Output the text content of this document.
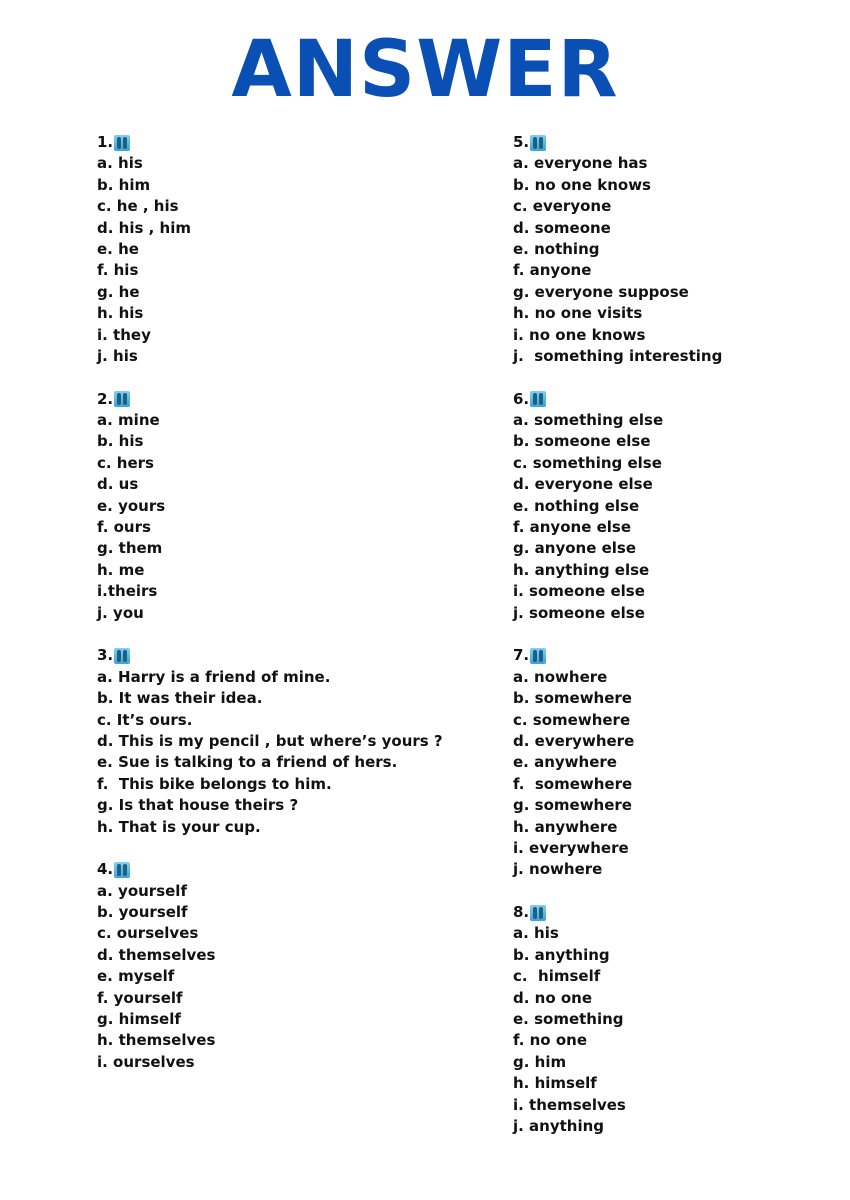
ANSWER
1.
a. his
b. him
c. he , his
d. his , him
e. he
f. his
g. he
h. his
i. they
j. his
2.
a. mine
b. his
c. hers
d. us
e. yours
f. ours
g. them
h. me
i.theirs
j. you
3.
a. Harry is a friend of mine.
b. It was their idea.
c. It’s ours.
d. This is my pencil , but where’s yours ?
e. Sue is talking to a friend of hers.
f.  This bike belongs to him.
g. Is that house theirs ?
h. That is your cup.
4.
a. yourself
b. yourself
c. ourselves
d. themselves
e. myself
f. yourself
g. himself
h. themselves
i. ourselves
5.
a. everyone has
b. no one knows
c. everyone
d. someone
e. nothing
f. anyone
g. everyone suppose
h. no one visits
i. no one knows
j.  something interesting
6.
a. something else
b. someone else
c. something else
d. everyone else
e. nothing else
f. anyone else
g. anyone else
h. anything else
i. someone else
j. someone else
7.
a. nowhere
b. somewhere
c. somewhere
d. everywhere
e. anywhere
f.  somewhere
g. somewhere
h. anywhere
i. everywhere
j. nowhere
8.
a. his
b. anything
c.  himself
d. no one
e. something
f. no one
g. him
h. himself
i. themselves
j. anything
